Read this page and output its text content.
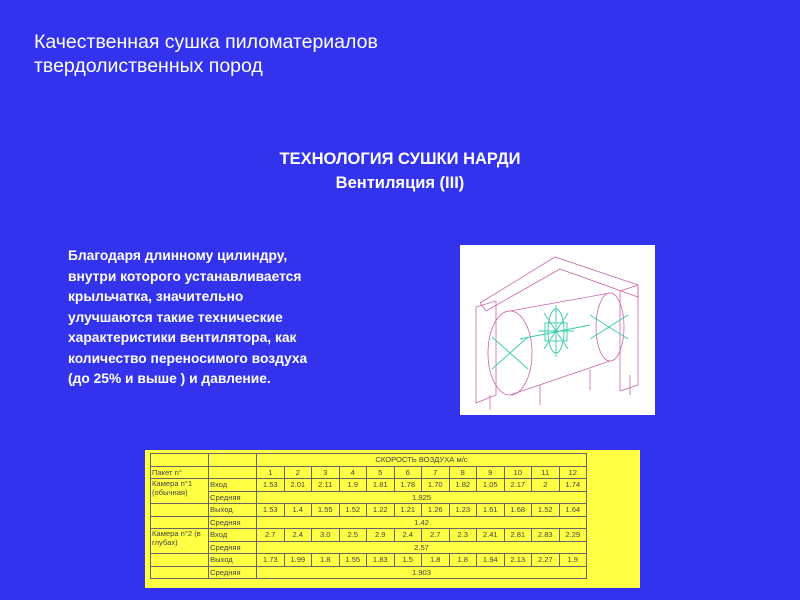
Качественная сушка пиломатериалов
твердолиственных пород
ТЕХНОЛОГИЯ СУШКИ НАРДИ
Вентиляция (III)
Благодаря длинному цилиндру,
внутри которого устанавливается
крыльчатка, значительно
улучшаются такие технические
характеристики вентилятора, как
количество переносимого воздуха
(до 25% и выше ) и давление.
		СКОРОСТЬ ВОЗДУХА м/с											
Пакет n°		1	2	3	4	5	6	7	8	9	10	11	12
Камера n°1 (обычная)	Вход	1.53	2.01	2.11	1.9	1.81	1.78	1.70	1.82	1.05	2.17	2	1.74
	Средняя	1.925											
	Выход	1.53	1.4	1.55	1.52	1.22	1.21	1.26	1.23	1.61	1.68	1.52	1.64
	Средняя	1.42											
Камера n°2 (в глубах)	Вход	2.7	2.4	3.0	2.5	2.9	2.4	2.7	2.3	2.41	2.81	2.83	2.29
	Средняя	2.57											
	Выход	1.73	1.99	1.8	1.55	1.83	1.5	1.8	1.8	1.94	2.13	2.27	1.9
	Средняя	1.903											
